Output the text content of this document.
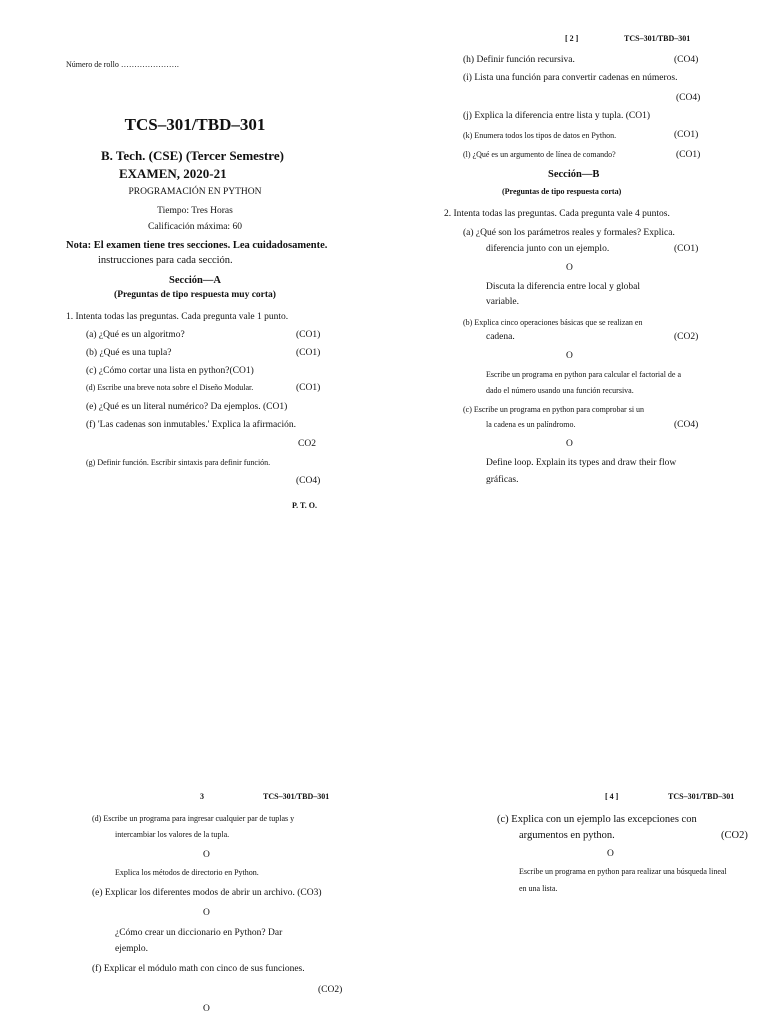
Número de rollo ………………….
TCS–301/TBD–301
B. Tech. (CSE) (Tercer Semestre)
EXAMEN, 2020-21
PROGRAMACIÓN EN PYTHON
Tiempo: Tres Horas
Calificación máxima: 60
Nota: El examen tiene tres secciones. Lea cuidadosamente.
instrucciones para cada sección.
Sección—A
(Preguntas de tipo respuesta muy corta)
1. Intenta todas las preguntas. Cada pregunta vale 1 punto.
(a) ¿Qué es un algoritmo?	(CO1)
(b) ¿Qué es una tupla?	(CO1)
(c) ¿Cómo cortar una lista en python?(CO1)
(d) Escribe una breve nota sobre el Diseño Modular.	(CO1)
(e) ¿Qué es un literal numérico? Da ejemplos. (CO1)
(f) 'Las cadenas son inmutables.' Explica la afirmación.
CO2
(g) Definir función. Escribir sintaxis para definir función.
(CO4)
P. T. O.
[ 2 ]	TCS–301/TBD–301
(h) Definir función recursiva.	(CO4)
(i) Lista una función para convertir cadenas en números.
(CO4)
(j) Explica la diferencia entre lista y tupla. (CO1)
(k) Enumera todos los tipos de datos en Python.	(CO1)
(l) ¿Qué es un argumento de línea de comando?	(CO1)
Sección—B
(Preguntas de tipo respuesta corta)
2. Intenta todas las preguntas. Cada pregunta vale 4 puntos.
(a) ¿Qué son los parámetros reales y formales? Explica.
diferencia junto con un ejemplo.	(CO1)
O
Discuta la diferencia entre local y global
variable.
(b) Explica cinco operaciones básicas que se realizan en
cadena.	(CO2)
O
Escribe un programa en python para calcular el factorial de a
dado el número usando una función recursiva.
(c) Escribe un programa en python para comprobar si un
la cadena es un palíndromo.	(CO4)
O
Define loop. Explain its types and draw their flow
gráficas.
3	TCS–301/TBD–301
(d) Escribe un programa para ingresar cualquier par de tuplas y
intercambiar los valores de la tupla.
O
Explica los métodos de directorio en Python.
(e) Explicar los diferentes modos de abrir un archivo. (CO3)
O
¿Cómo crear un diccionario en Python? Dar
ejemplo.
(f) Explicar el módulo math con cinco de sus funciones.
(CO2)
O
[ 4 ]	TCS–301/TBD–301
(c) Explica con un ejemplo las excepciones con
argumentos en python.	(CO2)
O
Escribe un programa en python para realizar una búsqueda lineal
en una lista.
